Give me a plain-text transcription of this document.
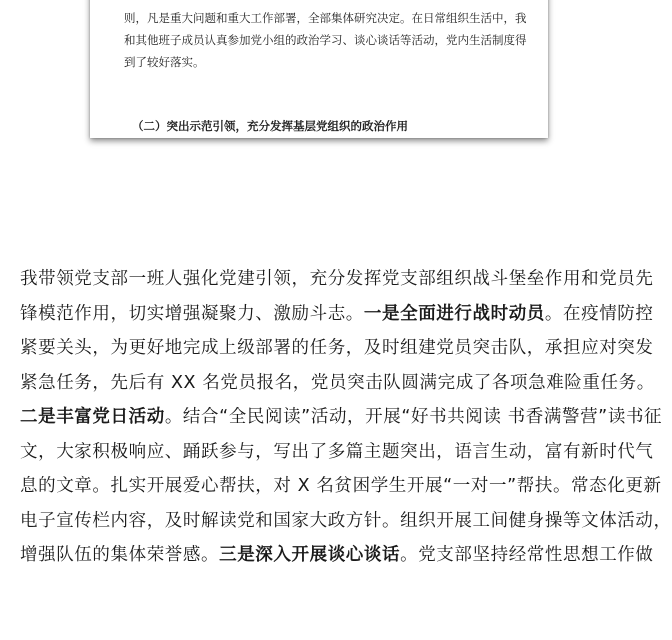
则，凡是重大问题和重大工作部署，全部集体研究决定。在日常组织生活中，我
和其他班子成员认真参加党小组的政治学习、谈心谈话等活动，党内生活制度得
到了较好落实。
（二）突出示范引领，充分发挥基层党组织的政治作用
我带领党支部一班人强化党建引领，充分发挥党支部组织战斗堡垒作用和党员先
锋模范作用，切实增强凝聚力、激励斗志。一是全面进行战时动员。在疫情防控
紧要关头，为更好地完成上级部署的任务，及时组建党员突击队，承担应对突发
紧急任务，先后有 XX 名党员报名，党员突击队圆满完成了各项急难险重任务。
二是丰富党日活动。结合“全民阅读”活动，开展“好书共阅读 书香满警营”读书征
文，大家积极响应、踊跃参与，写出了多篇主题突出，语言生动，富有新时代气
息的文章。扎实开展爱心帮扶，对 X 名贫困学生开展“一对一”帮扶。常态化更新
电子宣传栏内容，及时解读党和国家大政方针。组织开展工间健身操等文体活动，
增强队伍的集体荣誉感。三是深入开展谈心谈话。党支部坚持经常性思想工作做
